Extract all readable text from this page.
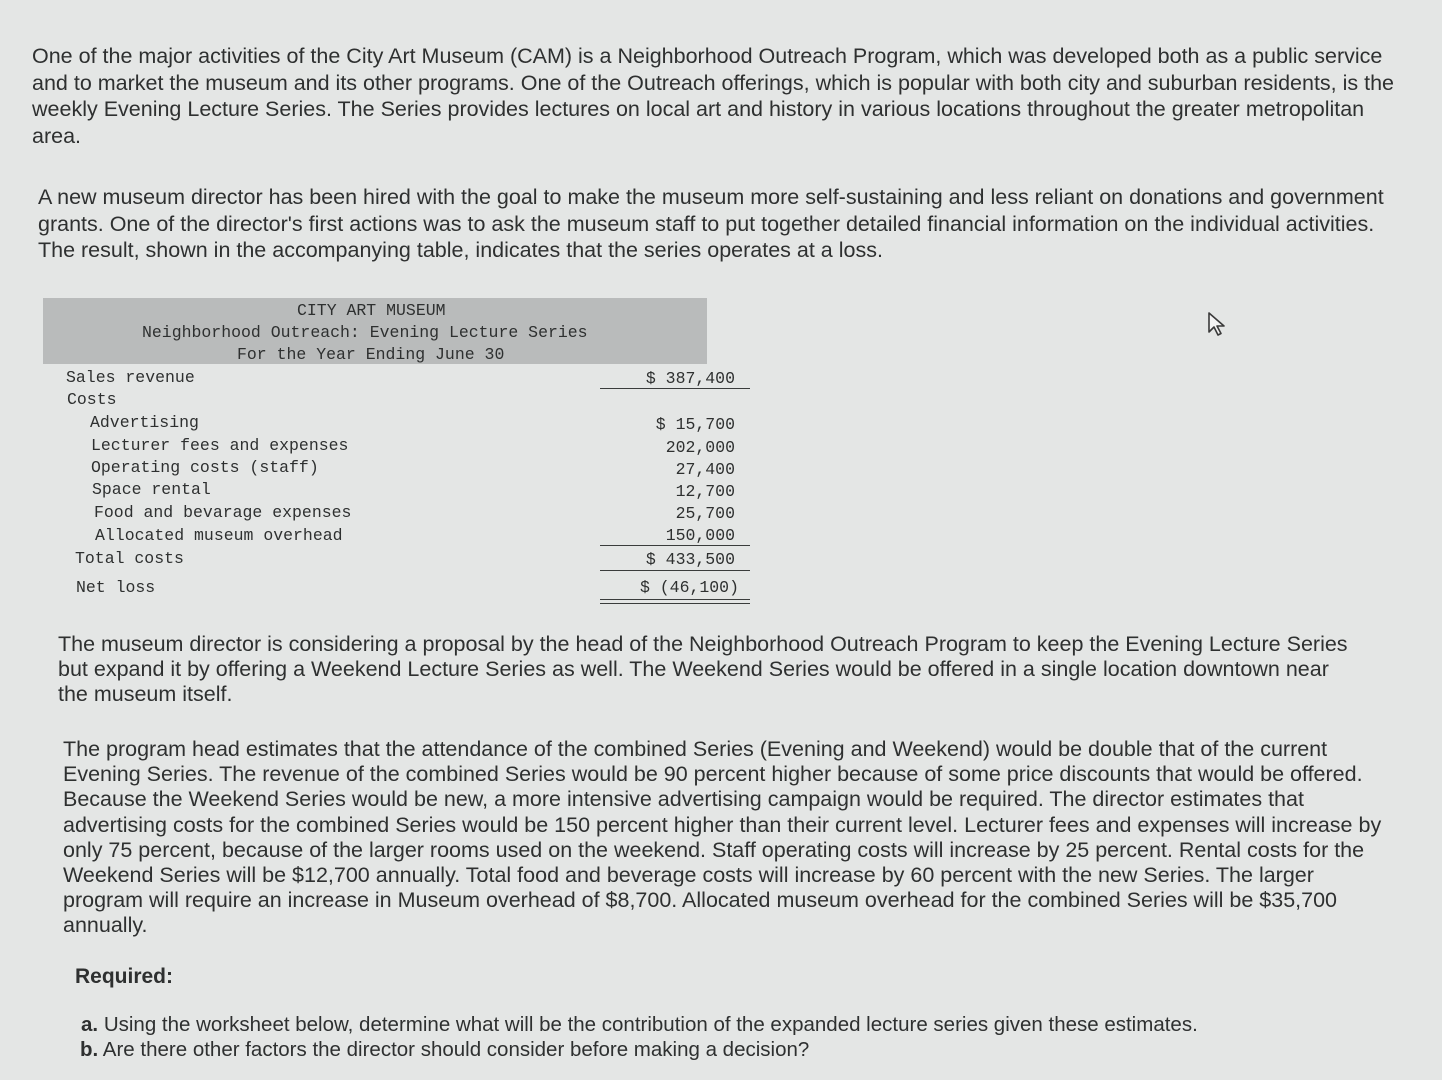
One of the major activities of the City Art Museum (CAM) is a Neighborhood Outreach Program, which was developed both as a public service and to market the museum and its other programs. One of the Outreach offerings, which is popular with both city and suburban residents, is the weekly Evening Lecture Series. The Series provides lectures on local art and history in various locations throughout the greater metropolitan area.

A new museum director has been hired with the goal to make the museum more self-sustaining and less reliant on donations and government grants. One of the director's first actions was to ask the museum staff to put together detailed financial information on the individual activities. The result, shown in the accompanying table, indicates that the series operates at a loss.

CITY ART MUSEUM
Neighborhood Outreach: Evening Lecture Series
For the Year Ending June 30
Sales revenue	$ 387,400
Costs
Advertising	$ 15,700
Lecturer fees and expenses	202,000
Operating costs (staff)	27,400
Space rental	12,700
Food and bevarage expenses	25,700
Allocated museum overhead	150,000
Total costs	$ 433,500
Net loss	$ (46,100)

The museum director is considering a proposal by the head of the Neighborhood Outreach Program to keep the Evening Lecture Series but expand it by offering a Weekend Lecture Series as well. The Weekend Series would be offered in a single location downtown near the museum itself.

The program head estimates that the attendance of the combined Series (Evening and Weekend) would be double that of the current Evening Series. The revenue of the combined Series would be 90 percent higher because of some price discounts that would be offered. Because the Weekend Series would be new, a more intensive advertising campaign would be required. The director estimates that advertising costs for the combined Series would be 150 percent higher than their current level. Lecturer fees and expenses will increase by only 75 percent, because of the larger rooms used on the weekend. Staff operating costs will increase by 25 percent. Rental costs for the Weekend Series will be $12,700 annually. Total food and beverage costs will increase by 60 percent with the new Series. The larger program will require an increase in Museum overhead of $8,700. Allocated museum overhead for the combined Series will be $35,700 annually.

Required:
a. Using the worksheet below, determine what will be the contribution of the expanded lecture series given these estimates.
b. Are there other factors the director should consider before making a decision?
